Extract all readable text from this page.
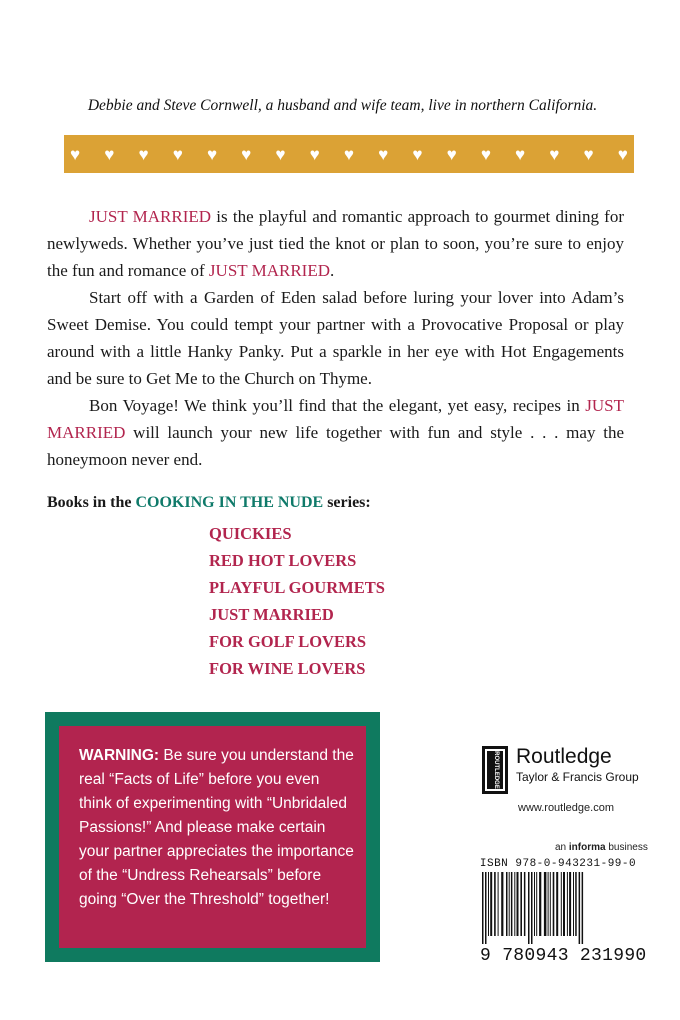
Debbie and Steve Cornwell, a husband and wife team, live in northern California.
♥ ♥ ♥ ♥ ♥ ♥ ♥ ♥ ♥ ♥ ♥ ♥ ♥ ♥ ♥ ♥ ♥

JUST MARRIED is the playful and romantic approach to gourmet dining for newlyweds. Whether you’ve just tied the knot or plan to soon, you’re sure to enjoy the fun and romance of JUST MARRIED.

Start off with a Garden of Eden salad before luring your lover into Adam’s Sweet Demise. You could tempt your partner with a Provocative Proposal or play around with a little Hanky Panky. Put a sparkle in her eye with Hot Engagements and be sure to Get Me to the Church on Thyme.

Bon Voyage! We think you’ll find that the elegant, yet easy, recipes in JUST MARRIED will launch your new life together with fun and style . . . may the honeymoon never end.

Books in the COOKING IN THE NUDE series:
QUICKIES
RED HOT LOVERS
PLAYFUL GOURMETS
JUST MARRIED
FOR GOLF LOVERS
FOR WINE LOVERS
WARNING: Be sure you understand the real “Facts of Life” before you even think of experimenting with “Unbridaled Passions!” And please make certain your partner appreciates the importance of the “Undress Rehearsals” before going “Over the Threshold” together!
ROUTLEDGE Routledge
Taylor & Francis Group
www.routledge.com
an informa business
ISBN 978-0-943231-99-0
9 780943 231990
